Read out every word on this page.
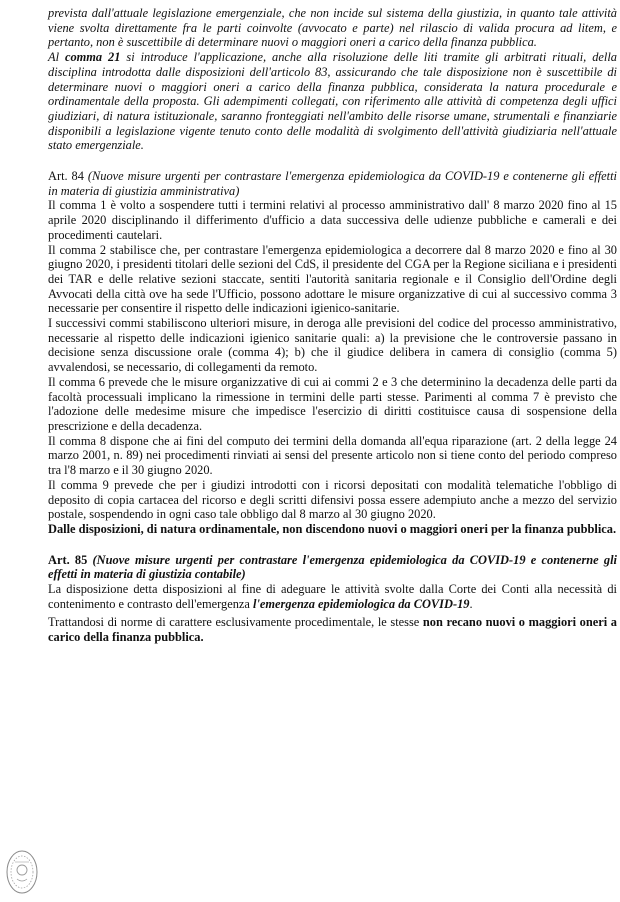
prevista dall'attuale legislazione emergenziale, che non incide sul sistema della giustizia, in quanto tale attività viene svolta direttamente fra le parti coinvolte (avvocato e parte) nel rilascio di valida procura ad litem, e pertanto, non è suscettibile di determinare nuovi o maggiori oneri a carico della finanza pubblica.

Al comma 21 si introduce l'applicazione, anche alla risoluzione delle liti tramite gli arbitrati rituali, della disciplina introdotta dalle disposizioni dell'articolo 83, assicurando che tale disposizione non è suscettibile di determinare nuovi o maggiori oneri a carico della finanza pubblica, considerata la natura procedurale e ordinamentale della proposta. Gli adempimenti collegati, con riferimento alle attività di competenza degli uffici giudiziari, di natura istituzionale, saranno fronteggiati nell'ambito delle risorse umane, strumentali e finanziarie disponibili a legislazione vigente tenuto conto delle modalità di svolgimento dell'attività giudiziaria nell'attuale stato emergenziale.

Art. 84 (Nuove misure urgenti per contrastare l'emergenza epidemiologica da COVID-19 e contenerne gli effetti in materia di giustizia amministrativa)

Il comma 1 è volto a sospendere tutti i termini relativi al processo amministrativo dall' 8 marzo 2020 fino al 15 aprile 2020 disciplinando il differimento d'ufficio a data successiva delle udienze pubbliche e camerali e dei procedimenti cautelari.

Il comma 2 stabilisce che, per contrastare l'emergenza epidemiologica a decorrere dal 8 marzo 2020 e fino al 30 giugno 2020, i presidenti titolari delle sezioni del CdS, il presidente del CGA per la Regione siciliana e i presidenti dei TAR e delle relative sezioni staccate, sentiti l'autorità sanitaria regionale e il Consiglio dell'Ordine degli Avvocati della città ove ha sede l'Ufficio, possono adottare le misure organizzative di cui al successivo comma 3 necessarie per consentire il rispetto delle indicazioni igienico-sanitarie.

I successivi commi stabiliscono ulteriori misure, in deroga alle previsioni del codice del processo amministrativo, necessarie al rispetto delle indicazioni igienico sanitarie quali: a) la previsione che le controversie passano in decisione senza discussione orale (comma 4); b) che il giudice delibera in camera di consiglio (comma 5) avvalendosi, se necessario, di collegamenti da remoto.

Il comma 6 prevede che le misure organizzative di cui ai commi 2 e 3 che determinino la decadenza delle parti da facoltà processuali implicano la rimessione in termini delle parti stesse. Parimenti al comma 7 è previsto che l'adozione delle medesime misure che impedisce l'esercizio di diritti costituisce causa di sospensione della prescrizione e della decadenza.

Il comma 8 dispone che ai fini del computo dei termini della domanda all'equa riparazione (art. 2 della legge 24 marzo 2001, n. 89) nei procedimenti rinviati ai sensi del presente articolo non si tiene conto del periodo compreso tra l'8 marzo e il 30 giugno 2020.

Il comma 9 prevede che per i giudizi introdotti con i ricorsi depositati con modalità telematiche l'obbligo di deposito di copia cartacea del ricorso e degli scritti difensivi possa essere adempiuto anche a mezzo del servizio postale, sospendendo in ogni caso tale obbligo dal 8 marzo al 30 giugno 2020.

Dalle disposizioni, di natura ordinamentale, non discendono nuovi o maggiori oneri per la finanza pubblica.

Art. 85 (Nuove misure urgenti per contrastare l'emergenza epidemiologica da COVID-19 e contenerne gli effetti in materia di giustizia contabile)

La disposizione detta disposizioni al fine di adeguare le attività svolte dalla Corte dei Conti alla necessità di contenimento e contrasto dell'emergenza l'emergenza epidemiologica da COVID-19.

Trattandosi di norme di carattere esclusivamente procedimentale, le stesse non recano nuovi o maggiori oneri a carico della finanza pubblica.
